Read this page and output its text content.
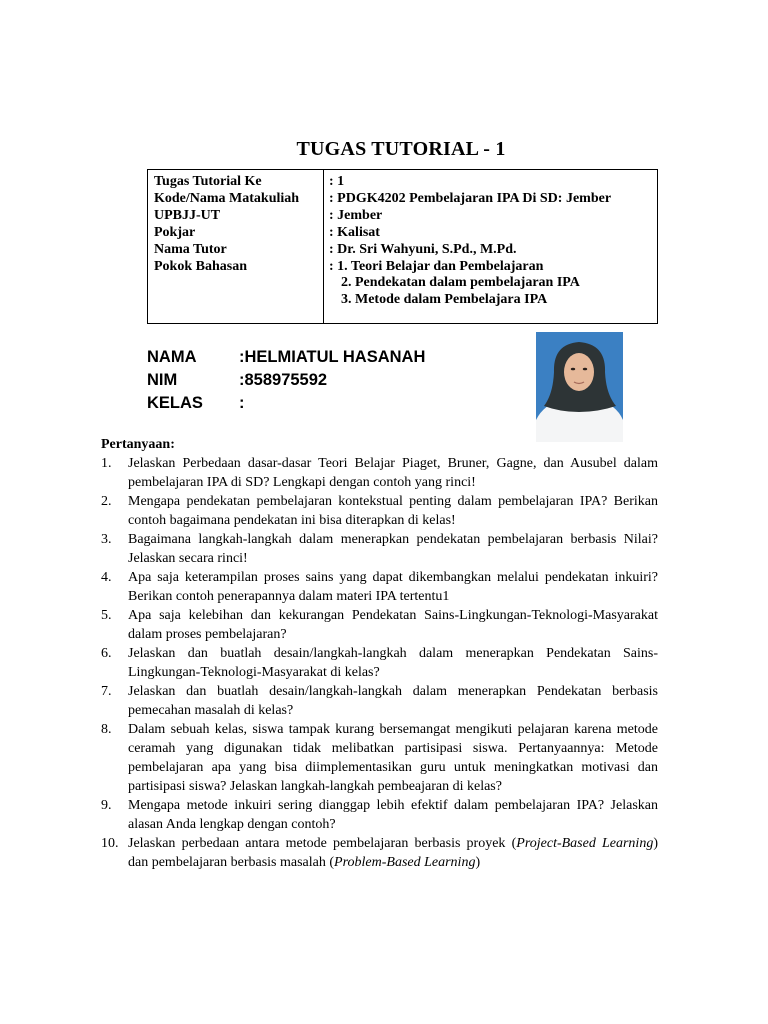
TUGAS TUTORIAL - 1
Tugas Tutorial Ke
Kode/Nama Matakuliah
UPBJJ-UT
Pokjar
Nama Tutor
Pokok Bahasan
: 1
: PDGK4202 Pembelajaran IPA Di SD: Jember
: Jember
: Kalisat
: Dr. Sri Wahyuni, S.Pd., M.Pd.
: 1. Teori Belajar dan Pembelajaran
2. Pendekatan dalam pembelajaran IPA
3. Metode dalam Pembelajara IPA
NAMA	:HELMIATUL HASANAH
NIM	:858975592
KELAS :
Pertanyaan:
1. Jelaskan Perbedaan dasar-dasar Teori Belajar Piaget, Bruner, Gagne, dan Ausubel dalam pembelajaran IPA di SD? Lengkapi dengan contoh yang rinci!
2. Mengapa pendekatan pembelajaran kontekstual penting dalam pembelajaran IPA? Berikan contoh bagaimana pendekatan ini bisa diterapkan di kelas!
3. Bagaimana langkah-langkah dalam menerapkan pendekatan pembelajaran berbasis Nilai? Jelaskan secara rinci!
4. Apa saja keterampilan proses sains yang dapat dikembangkan melalui pendekatan inkuiri? Berikan contoh penerapannya dalam materi IPA tertentu1
5. Apa saja kelebihan dan kekurangan Pendekatan Sains-Lingkungan-Teknologi-Masyarakat dalam proses pembelajaran?
6. Jelaskan dan buatlah desain/langkah-langkah dalam menerapkan Pendekatan Sains-Lingkungan-Teknologi-Masyarakat di kelas?
7. Jelaskan dan buatlah desain/langkah-langkah dalam menerapkan Pendekatan berbasis pemecahan masalah di kelas?
8. Dalam sebuah kelas, siswa tampak kurang bersemangat mengikuti pelajaran karena metode ceramah yang digunakan tidak melibatkan partisipasi siswa. Pertanyaannya: Metode pembelajaran apa yang bisa diimplementasikan guru untuk meningkatkan motivasi dan partisipasi siswa? Jelaskan langkah-langkah pembeajaran di kelas?
9. Mengapa metode inkuiri sering dianggap lebih efektif dalam pembelajaran IPA? Jelaskan alasan Anda lengkap dengan contoh?
10. Jelaskan perbedaan antara metode pembelajaran berbasis proyek (Project-Based Learning) dan pembelajaran berbasis masalah (Problem-Based Learning)
